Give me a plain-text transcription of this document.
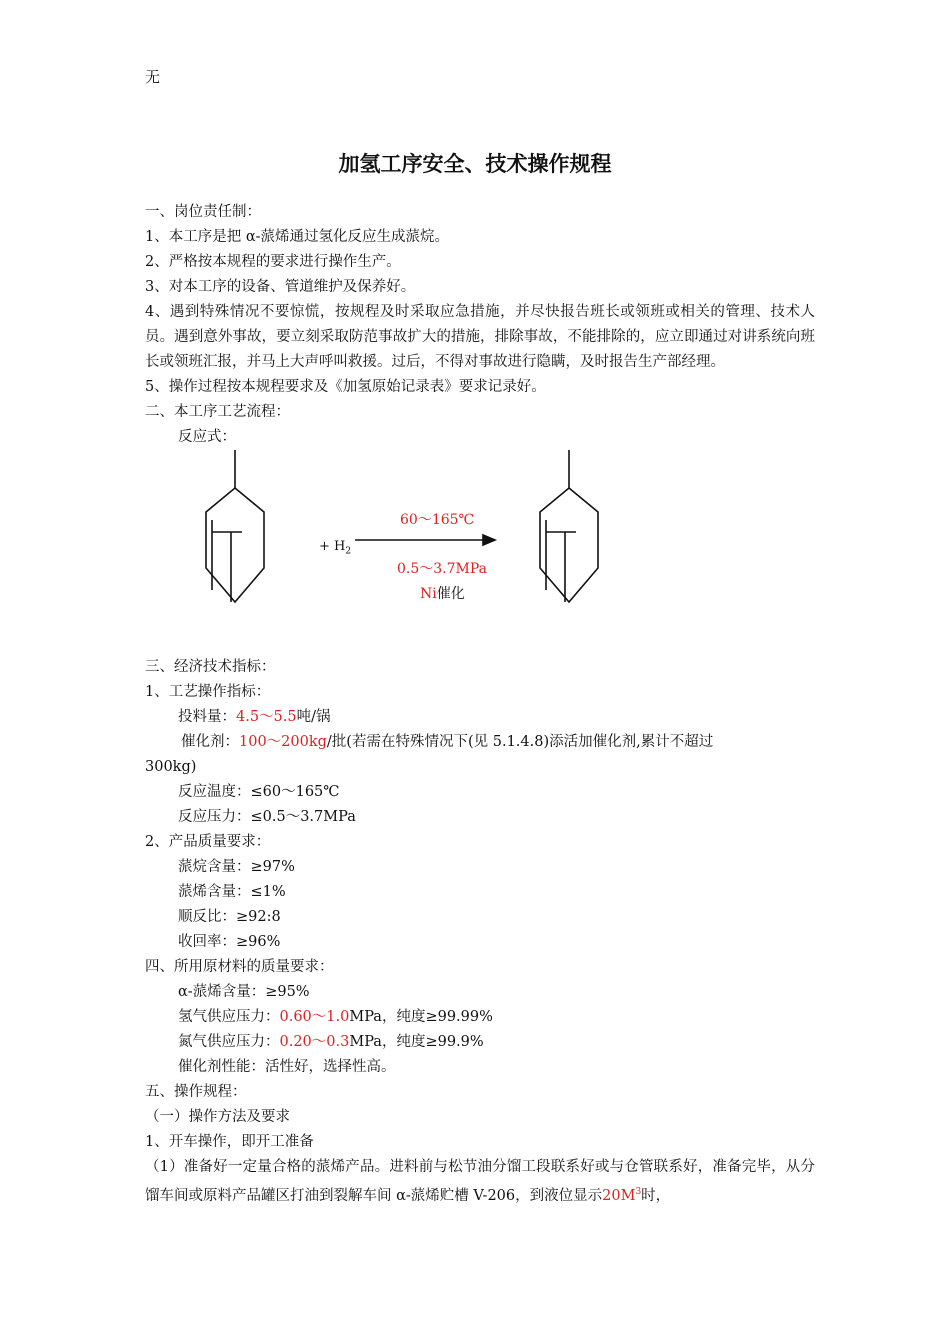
无
加氢工序安全、技术操作规程
一、岗位责任制：
1、本工序是把 α-蒎烯通过氢化反应生成蒎烷。
2、严格按本规程的要求进行操作生产。
3、对本工序的设备、管道维护及保养好。
4、遇到特殊情况不要惊慌，按规程及时采取应急措施，并尽快报告班长或领班或相关的管理、技术人员。遇到意外事故，要立刻采取防范事故扩大的措施，排除事故，不能排除的，应立即通过对讲系统向班长或领班汇报，并马上大声呼叫救援。过后，不得对事故进行隐瞒，及时报告生产部经理。
5、操作过程按本规程要求及《加氢原始记录表》要求记录好。
二、本工序工艺流程：
反应式：
+ $H_2$
60～165℃
0.5～3.7MPa
Ni催化
三、经济技术指标：
1、工艺操作指标：
投料量：4.5～5.5吨/锅
催化剂：100～200kg/批(若需在特殊情况下(见 5.1.4.8)添活加催化剂,累计不超过
300kg)
反应温度：≤60～165℃
反应压力：≤0.5～3.7MPa
2、产品质量要求：
蒎烷含量：≥97%
蒎烯含量：≤1%
顺反比：≥92:8
收回率：≥96%
四、所用原材料的质量要求：
α-蒎烯含量：≥95%
氢气供应压力：0.60～1.0MPa，纯度≥99.99%
氮气供应压力：0.20～0.3MPa，纯度≥99.9%
催化剂性能：活性好，选择性高。
五、操作规程：
（一）操作方法及要求
1、开车操作，即开工准备
（1）准备好一定量合格的蒎烯产品。进料前与松节油分馏工段联系好或与仓管联系好，准备完毕，从分馏车间或原料产品罐区打油到裂解车间 α-蒎烯贮槽 V-206，到液位显示$20M^3$时，
